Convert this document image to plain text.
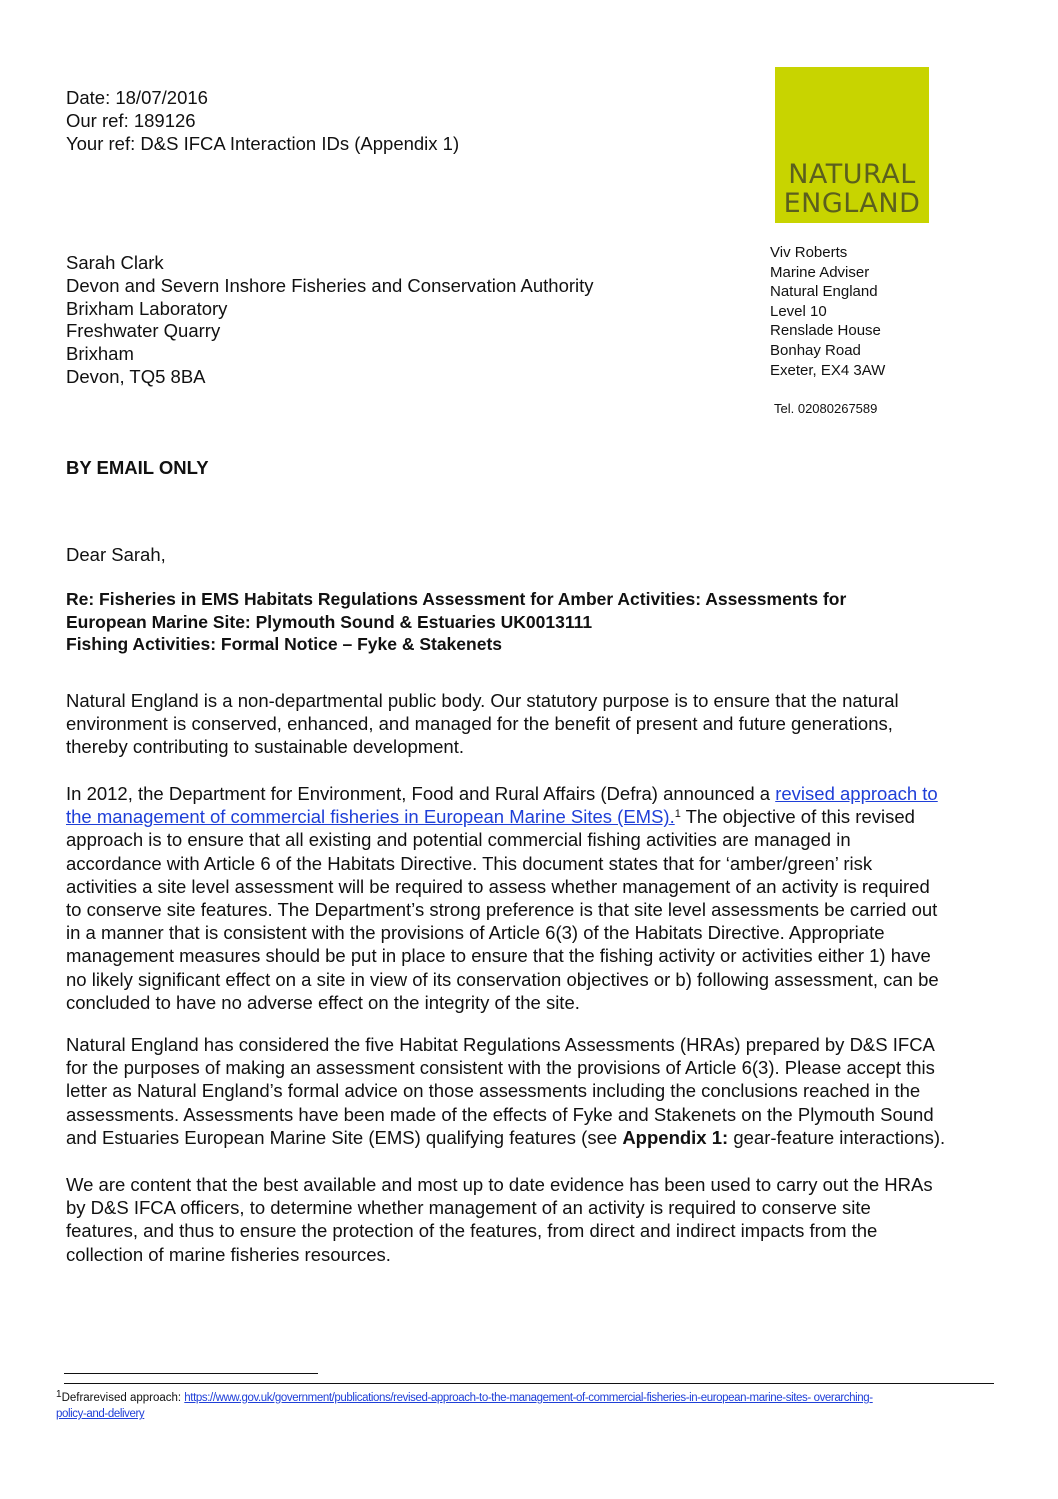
Date: 18/07/2016
Our ref: 189126
Your ref: D&S IFCA Interaction IDs (Appendix 1)
NATURAL
ENGLAND
Sarah Clark
Devon and Severn Inshore Fisheries and Conservation Authority
Brixham Laboratory
Freshwater Quarry
Brixham
Devon, TQ5 8BA
Viv Roberts
Marine Adviser
Natural England
Level 10
Renslade House
Bonhay Road
Exeter, EX4 3AW
Tel. 02080267589
BY EMAIL ONLY
Dear Sarah,
Re: Fisheries in EMS Habitats Regulations Assessment for Amber Activities: Assessments for
European Marine Site: Plymouth Sound & Estuaries UK0013111
Fishing Activities: Formal Notice – Fyke & Stakenets
Natural England is a non-departmental public body. Our statutory purpose is to ensure that the natural
environment is conserved, enhanced, and managed for the benefit of present and future generations,
thereby contributing to sustainable development.
In 2012, the Department for Environment, Food and Rural Affairs (Defra) announced a revised approach to
the management of commercial fisheries in European Marine Sites (EMS).$^1$ The objective of this revised
approach is to ensure that all existing and potential commercial fishing activities are managed in
accordance with Article 6 of the Habitats Directive. This document states that for ‘amber/green’ risk
activities a site level assessment will be required to assess whether management of an activity is required
to conserve site features. The Department’s strong preference is that site level assessments be carried out
in a manner that is consistent with the provisions of Article 6(3) of the Habitats Directive. Appropriate
management measures should be put in place to ensure that the fishing activity or activities either 1) have
no likely significant effect on a site in view of its conservation objectives or b) following assessment, can be
concluded to have no adverse effect on the integrity of the site.
Natural England has considered the five Habitat Regulations Assessments (HRAs) prepared by D&S IFCA
for the purposes of making an assessment consistent with the provisions of Article 6(3). Please accept this
letter as Natural England’s formal advice on those assessments including the conclusions reached in the
assessments. Assessments have been made of the effects of Fyke and Stakenets on the Plymouth Sound
and Estuaries European Marine Site (EMS) qualifying features (see Appendix 1: gear-feature interactions).
We are content that the best available and most up to date evidence has been used to carry out the HRAs
by D&S IFCA officers, to determine whether management of an activity is required to conserve site
features, and thus to ensure the protection of the features, from direct and indirect impacts from the
collection of marine fisheries resources.
1Defrarevised approach: https://www.gov.uk/government/publications/revised-approach-to-the-management-of-commercial-fisheries-in-european-marine-sites- overarching-
policy-and-delivery
